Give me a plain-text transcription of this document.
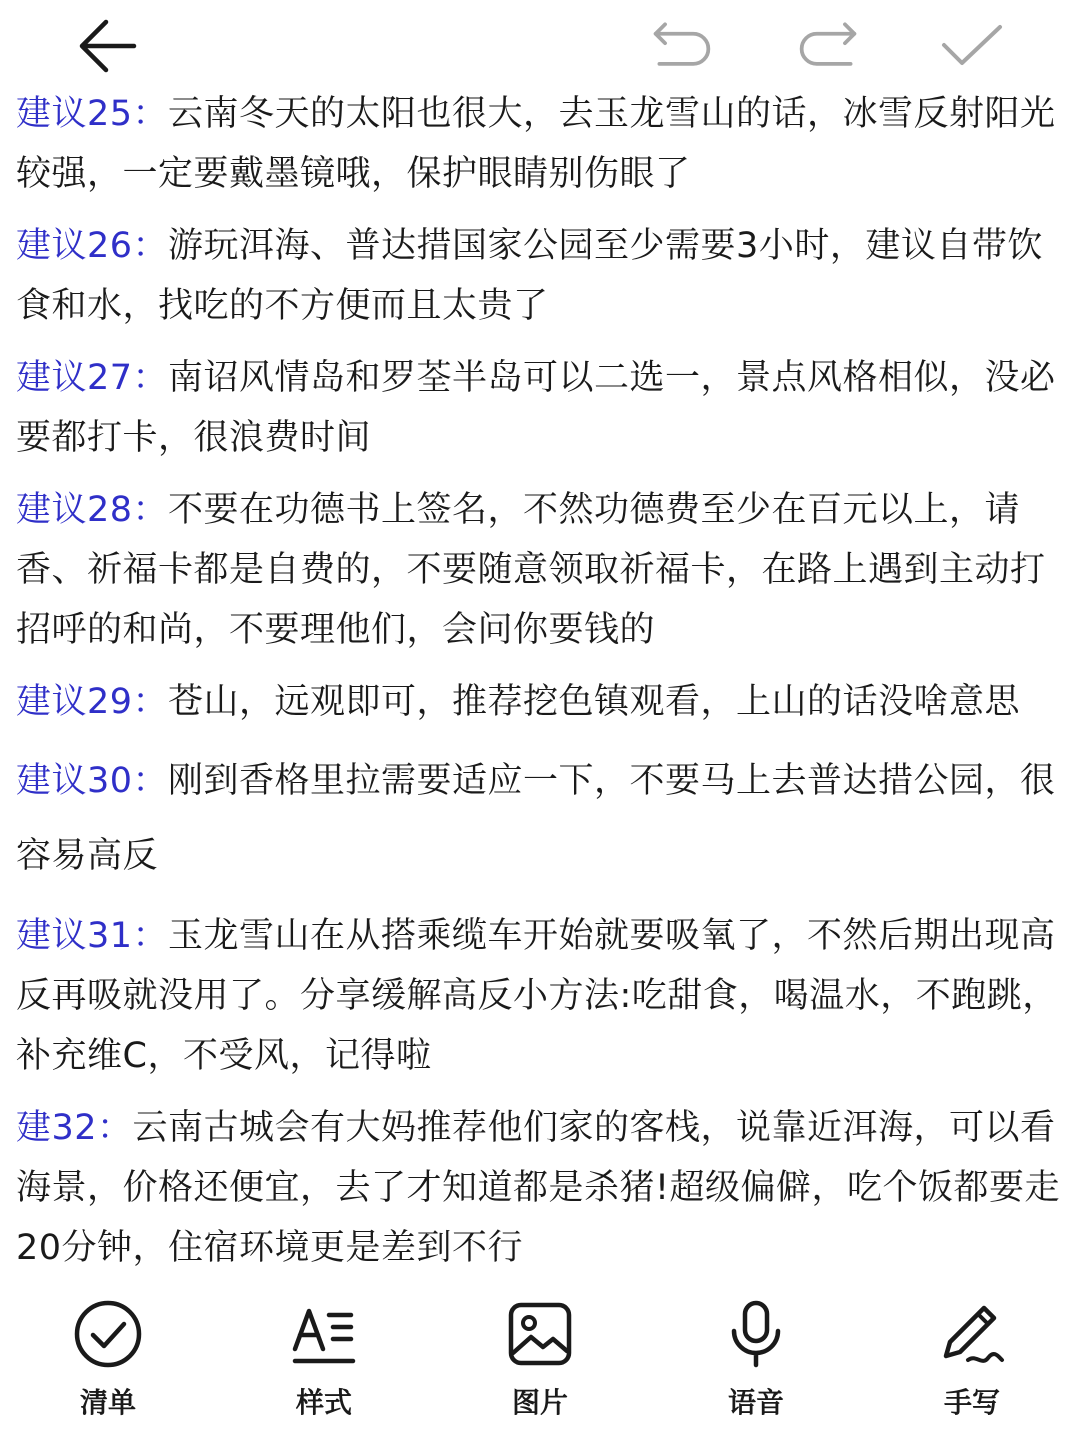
建议25：云南冬天的太阳也很大，去玉龙雪山的话，冰雪反射阳光较强，一定要戴墨镜哦，保护眼睛别伤眼了

建议26：游玩洱海、普达措国家公园至少需要3小时，建议自带饮食和水，找吃的不方便而且太贵了

建议27：南诏风情岛和罗荃半岛可以二选一，景点风格相似，没必要都打卡，很浪费时间

建议28：不要在功德书上签名，不然功德费至少在百元以上，请香、祈福卡都是自费的，不要随意领取祈福卡，在路上遇到主动打招呼的和尚，不要理他们，会问你要钱的

建议29：苍山，远观即可，推荐挖色镇观看，上山的话没啥意思

建议30：刚到香格里拉需要适应一下，不要马上去普达措公园，很容易高反

建议31：玉龙雪山在从搭乘缆车开始就要吸氧了，不然后期出现高反再吸就没用了。分享缓解高反小方法:吃甜食，喝温水，不跑跳，补充维C，不受风，记得啦

建32：云南古城会有大妈推荐他们家的客栈，说靠近洱海，可以看海景，价格还便宜，去了才知道都是杀猪!超级偏僻，吃个饭都要走20分钟，住宿环境更是差到不行

清单	样式	图片	语音	手写
